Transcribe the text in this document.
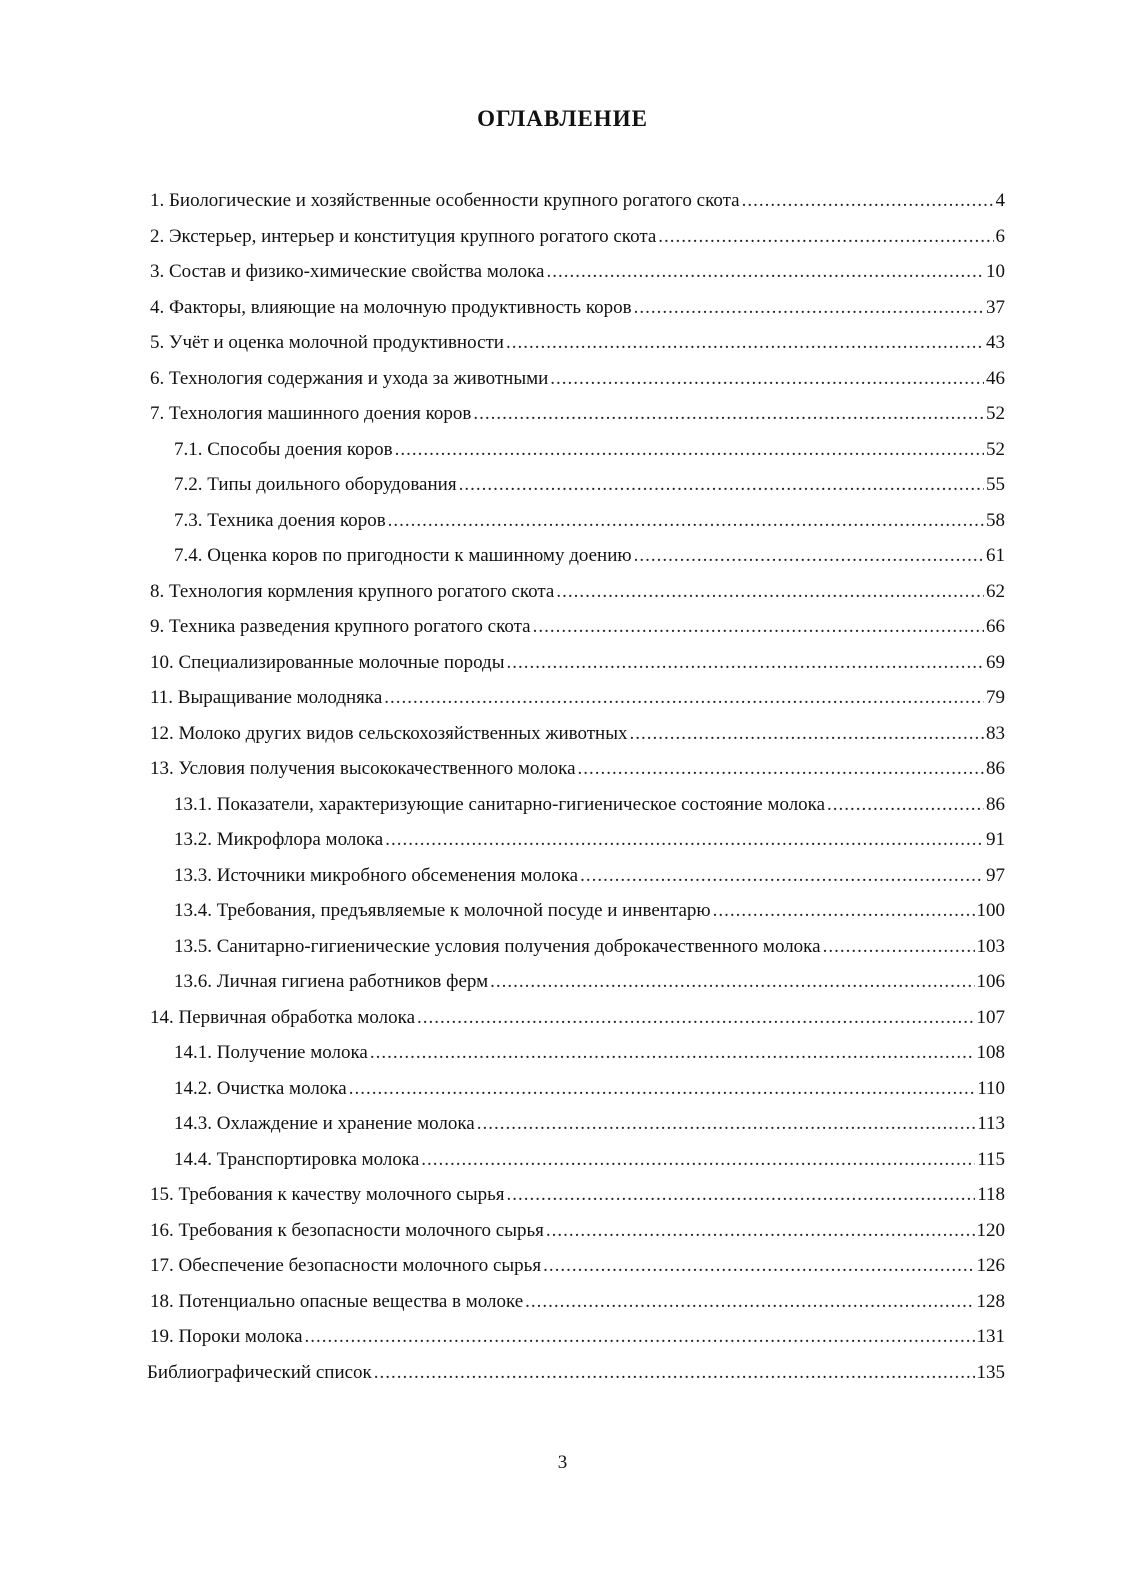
ОГЛАВЛЕНИЕ
1. Биологические и хозяйственные особенности крупного рогатого скота .....	4
2. Экстерьер, интерьер и конституция крупного рогатого скота .....	6
3. Состав и физико-химические свойства молока .....	10
4. Факторы, влияющие на молочную продуктивность коров .....	37
5. Учёт и оценка молочной продуктивности .....	43
6. Технология содержания и ухода за животными .....	46
7. Технология машинного доения коров .....	52
7.1. Способы доения коров .....	52
7.2. Типы доильного оборудования .....	55
7.3. Техника доения коров .....	58
7.4. Оценка коров по пригодности к машинному доению .....	61
8. Технология кормления крупного рогатого скота .....	62
9. Техника разведения крупного рогатого скота .....	66
10. Специализированные молочные породы .....	69
11. Выращивание молодняка .....	79
12. Молоко других видов сельскохозяйственных животных .....	83
13. Условия получения высококачественного молока .....	86
13.1. Показатели, характеризующие санитарно-гигиеническое состояние молока .....	86
13.2. Микрофлора молока .....	91
13.3. Источники микробного обсеменения молока .....	97
13.4. Требования, предъявляемые к молочной посуде и инвентарю .....	100
13.5. Санитарно-гигиенические условия получения доброкачественного молока .....	103
13.6. Личная гигиена работников ферм .....	106
14. Первичная обработка молока .....	107
14.1. Получение молока .....	108
14.2. Очистка молока .....	110
14.3. Охлаждение и хранение молока .....	113
14.4. Транспортировка молока .....	115
15. Требования к качеству молочного сырья .....	118
16. Требования к безопасности молочного сырья .....	120
17. Обеспечение безопасности молочного сырья .....	126
18. Потенциально опасные вещества в молоке .....	128
19. Пороки молока .....	131
Библиографический список .....	135
3
